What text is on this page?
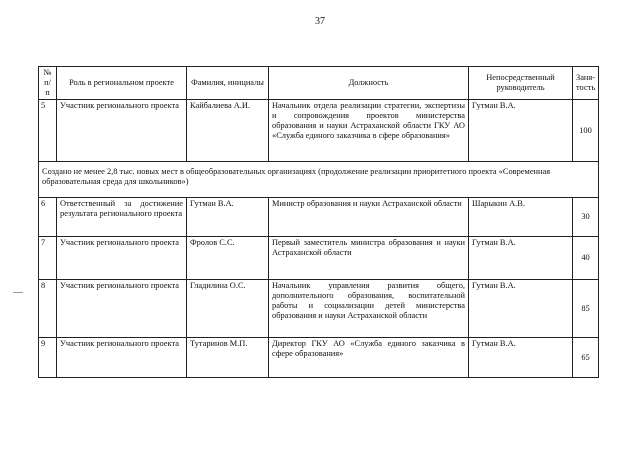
37
№ п/п	Роль в региональном проекте	Фамилия, инициалы	Должность	Непосредственный руководитель	Заня-тость
5	Участник регионального проекта	Кайбалиева А.И.	Начальник отдела реализации стратегии, экспертизы и сопровождения проектов министерства образования и науки Астраханской области ГКУ АО «Служба единого заказчика в сфере образования»	Гутман В.А.	100
Создано не менее 2,8 тыс. новых мест в общеобразовательных организациях (продолжение реализации приоритетного проекта «Современная образовательная среда для школьников»)					
6	Ответственный за достижение результата регионального проекта	Гутман В.А.	Министр образования и науки Астраханской области	Шарыкин А.В.	30
7	Участник регионального проекта	Фролов С.С.	Первый заместитель министра образования и науки Астраханской области	Гутман В.А.	40
8	Участник регионального проекта	Гладилина О.С.	Начальник управления развития общего, дополнительного образования, воспитательной работы и социализации детей министерства образования и науки Астраханской области	Гутман В.А.	85
9	Участник регионального проекта	Тутаринов М.П.	Директор ГКУ АО «Служба единого заказчика в сфере образования»	Гутман В.А.	65
